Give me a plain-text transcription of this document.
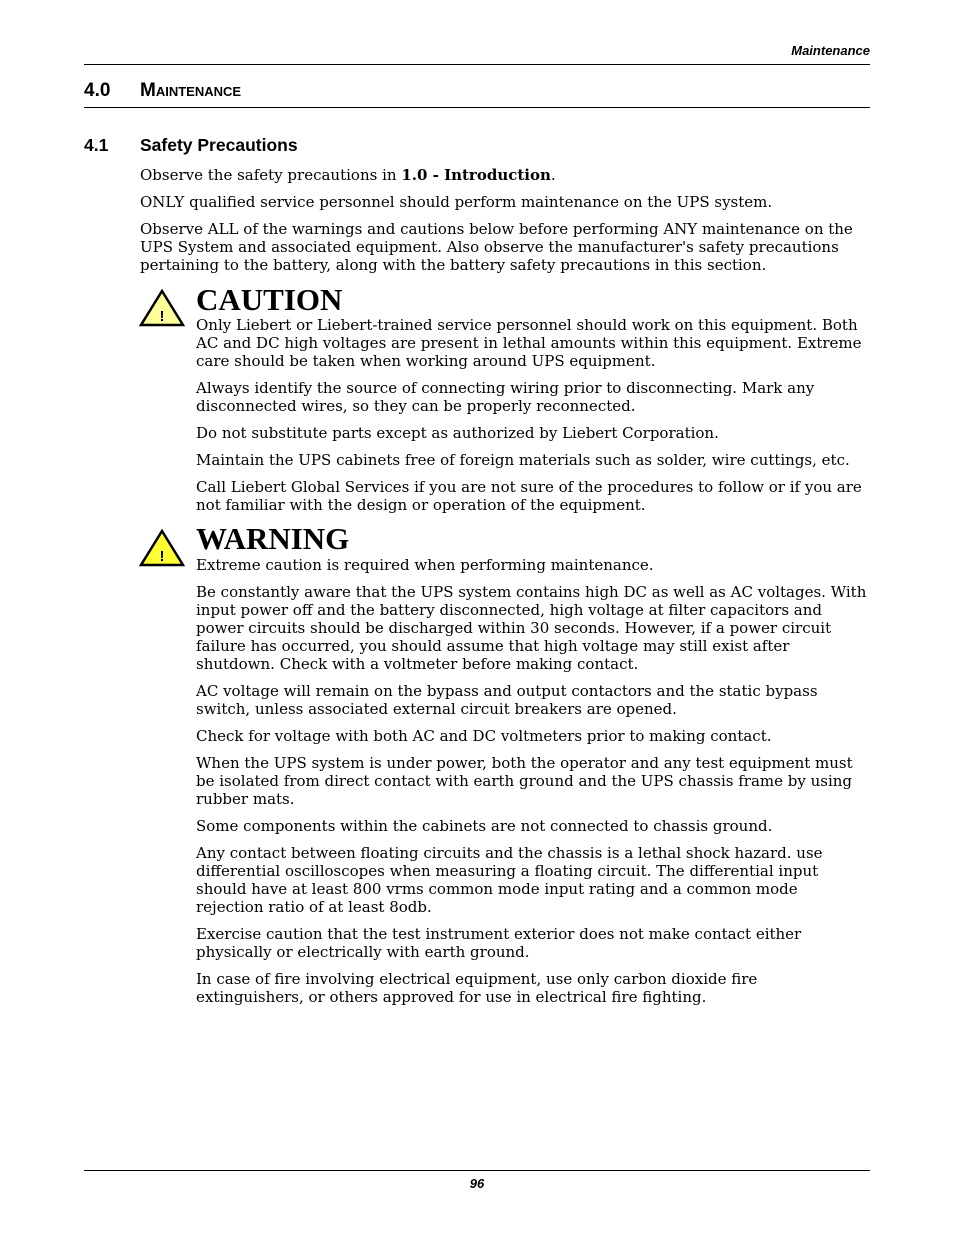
Maintenance
4.0 Maintenance
4.1 Safety Precautions

Observe the safety precautions in 1.0 - Introduction.

ONLY qualified service personnel should perform maintenance on the UPS system.

Observe ALL of the warnings and cautions below before performing ANY maintenance on the UPS System and associated equipment. Also observe the manufacturer's safety precautions pertaining to the battery, along with the battery safety precautions in this section.

! CAUTION

Only Liebert or Liebert-trained service personnel should work on this equipment. Both AC and DC high voltages are present in lethal amounts within this equipment. Extreme care should be taken when working around UPS equipment.

Always identify the source of connecting wiring prior to disconnecting. Mark any disconnected wires, so they can be properly reconnected.

Do not substitute parts except as authorized by Liebert Corporation.

Maintain the UPS cabinets free of foreign materials such as solder, wire cuttings, etc.

Call Liebert Global Services if you are not sure of the procedures to follow or if you are not familiar with the design or operation of the equipment.

!
WARNING

Extreme caution is required when performing maintenance.

Be constantly aware that the UPS system contains high DC as well as AC voltages. With input power off and the battery disconnected, high voltage at filter capacitors and power circuits should be discharged within 30 seconds. However, if a power circuit failure has occurred, you should assume that high voltage may still exist after shutdown. Check with a voltmeter before making contact.

AC voltage will remain on the bypass and output contactors and the static bypass switch, unless associated external circuit breakers are opened.

Check for voltage with both AC and DC voltmeters prior to making contact.

When the UPS system is under power, both the operator and any test equipment must be isolated from direct contact with earth ground and the UPS chassis frame by using rubber mats.

Some components within the cabinets are not connected to chassis ground.

Any contact between floating circuits and the chassis is a lethal shock hazard. use differential oscilloscopes when measuring a floating circuit. The differential input should have at least 800 vrms common mode input rating and a common mode rejection ratio of at least 8odb.

Exercise caution that the test instrument exterior does not make contact either physically or electrically with earth ground.

In case of fire involving electrical equipment, use only carbon dioxide fire extinguishers, or others approved for use in electrical fire fighting.

96
